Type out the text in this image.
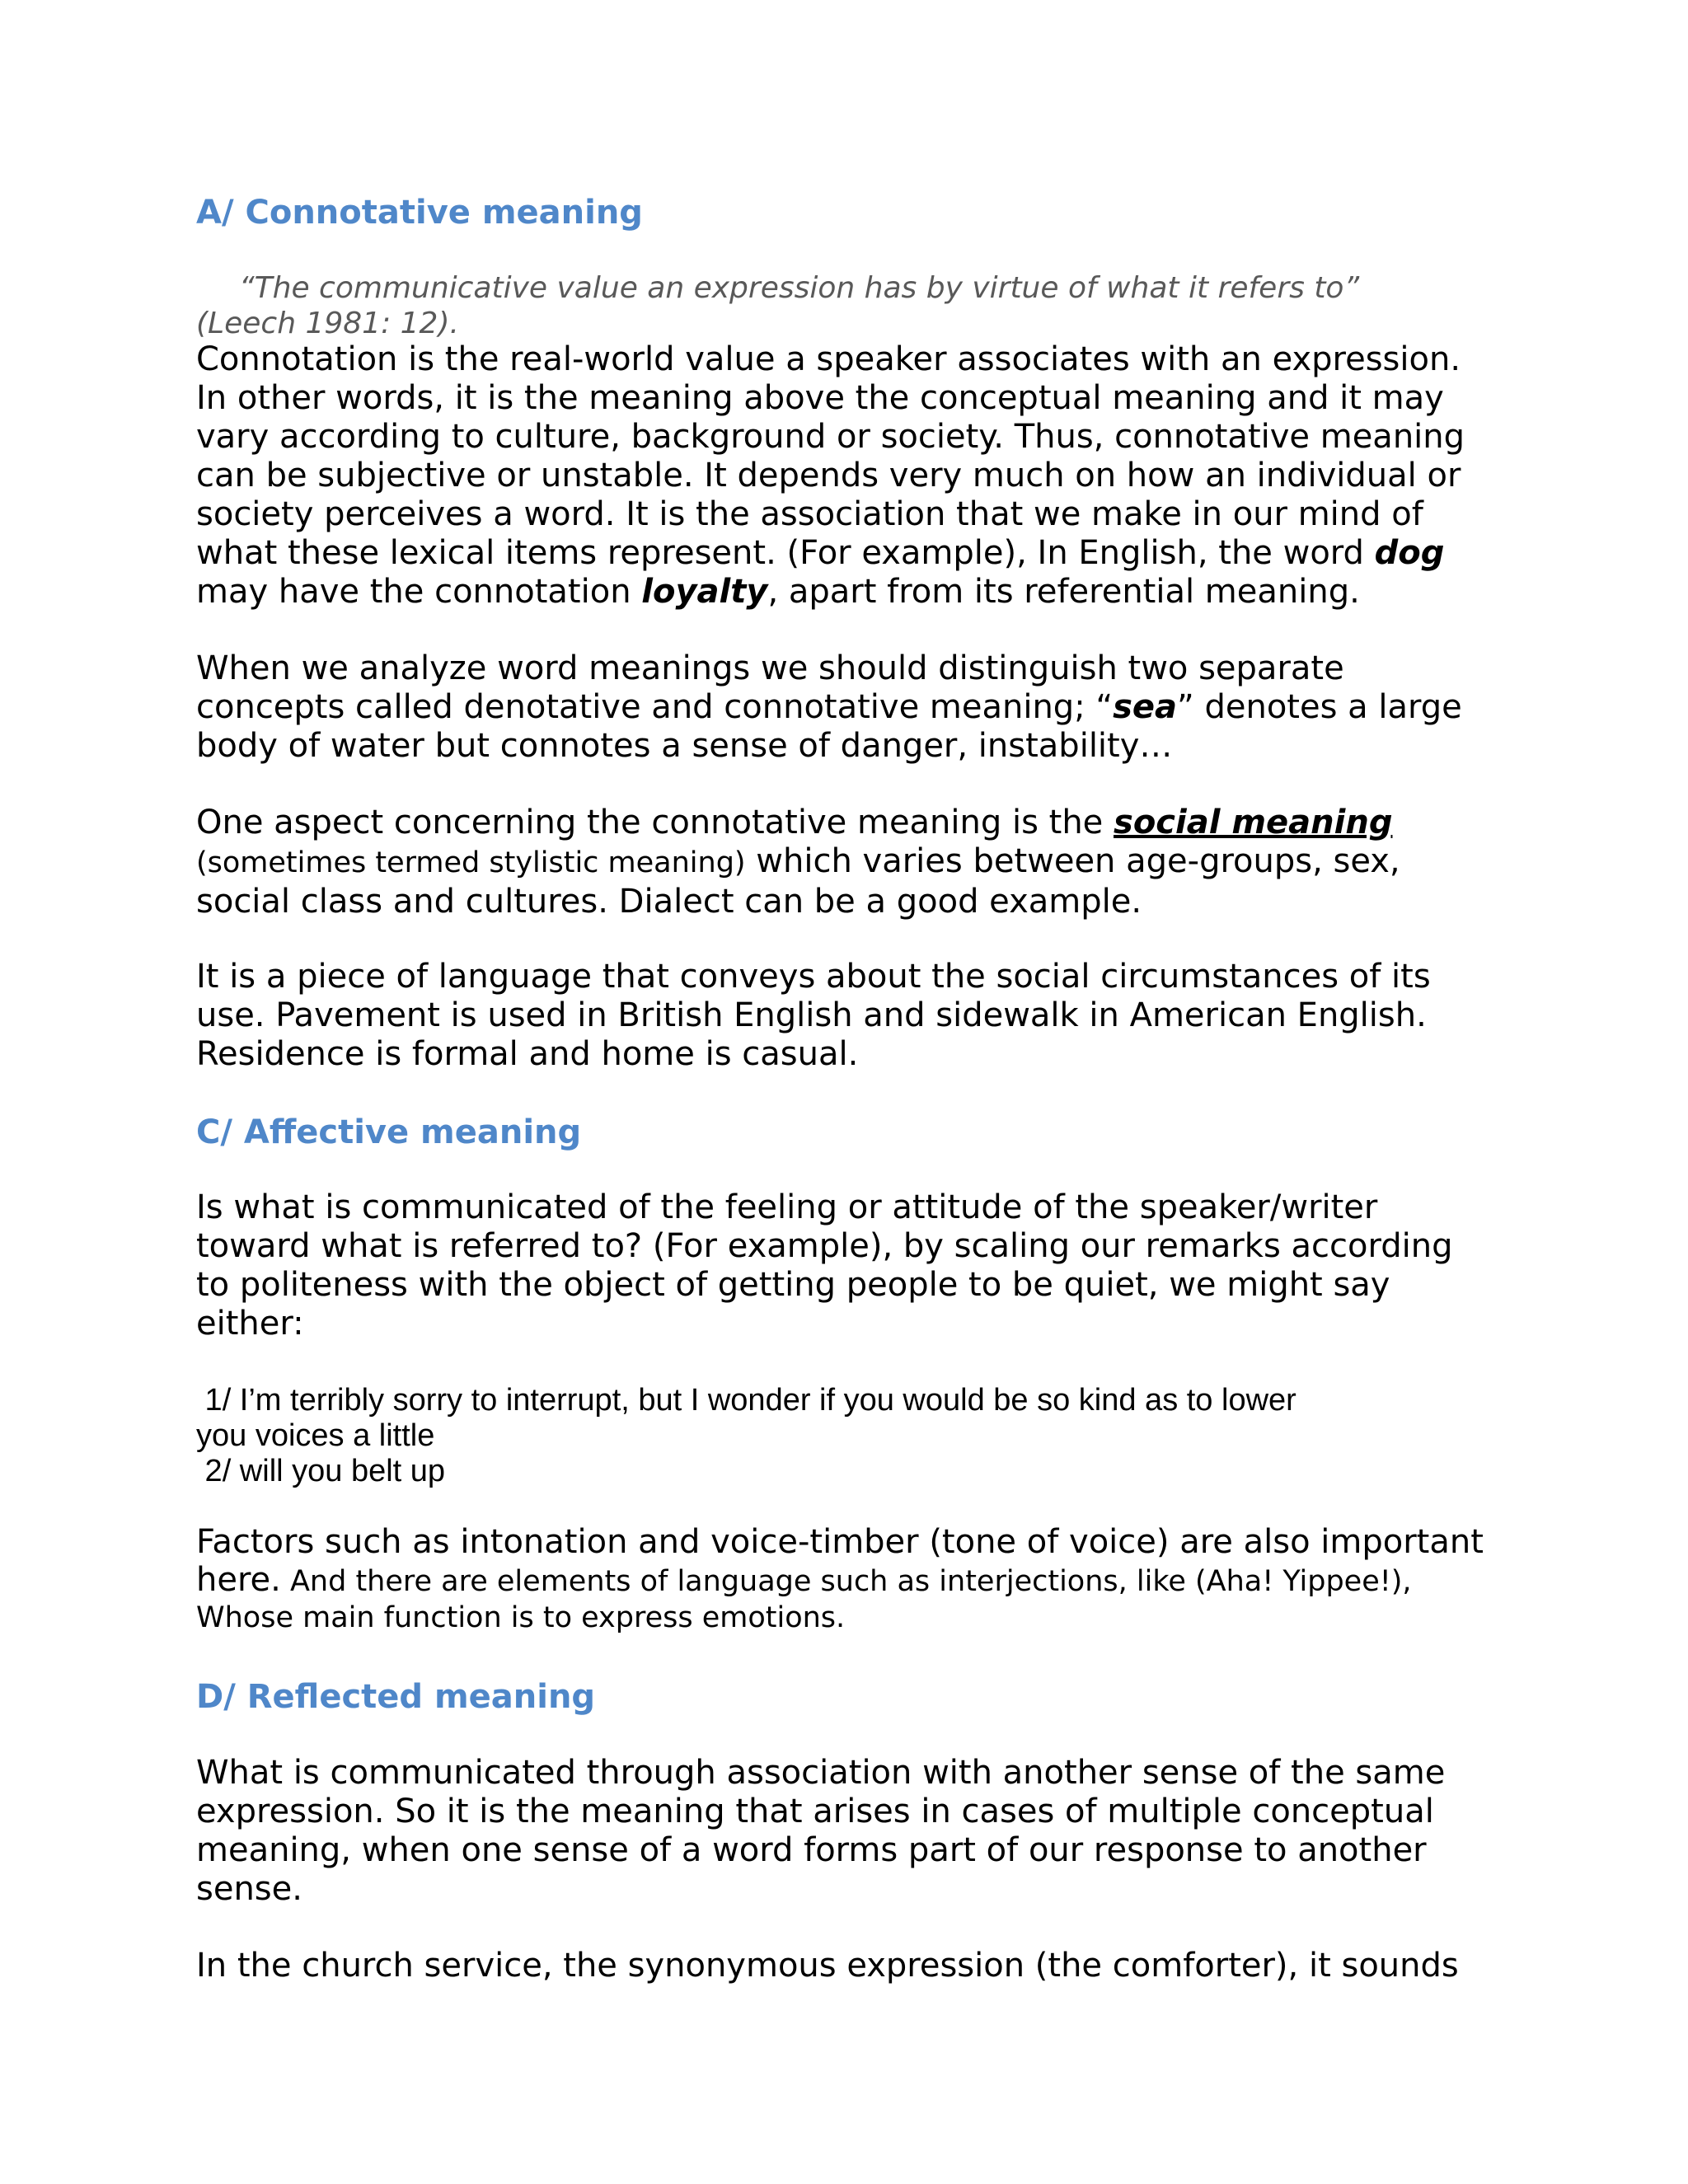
A/ Connotative meaning
“The communicative value an expression has by virtue of what it refers to”
(Leech 1981: 12).
Connotation is the real-world value a speaker associates with an expression.
In other words, it is the meaning above the conceptual meaning and it may
vary according to culture, background or society. Thus, connotative meaning
can be subjective or unstable. It depends very much on how an individual or
society perceives a word. It is the association that we make in our mind of
what these lexical items represent. (For example), In English, the word dog
may have the connotation loyalty, apart from its referential meaning.
When we analyze word meanings we should distinguish two separate
concepts called denotative and connotative meaning; “sea” denotes a large
body of water but connotes a sense of danger, instability…
One aspect concerning the connotative meaning is the social meaning
(sometimes termed stylistic meaning) which varies between age-groups, sex,
social class and cultures. Dialect can be a good example.
It is a piece of language that conveys about the social circumstances of its
use. Pavement is used in British English and sidewalk in American English.
Residence is formal and home is casual.
C/ Affective meaning
Is what is communicated of the feeling or attitude of the speaker/writer
toward what is referred to? (For example), by scaling our remarks according
to politeness with the object of getting people to be quiet, we might say
either:
1/ I’m terribly sorry to interrupt, but I wonder if you would be so kind as to lower
you voices a little
2/ will you belt up
Factors such as intonation and voice-timber (tone of voice) are also important
here. And there are elements of language such as interjections, like (Aha! Yippee!),
Whose main function is to express emotions.
D/ Reflected meaning
What is communicated through association with another sense of the same
expression. So it is the meaning that arises in cases of multiple conceptual
meaning, when one sense of a word forms part of our response to another
sense.
In the church service, the synonymous expression (the comforter), it sounds
